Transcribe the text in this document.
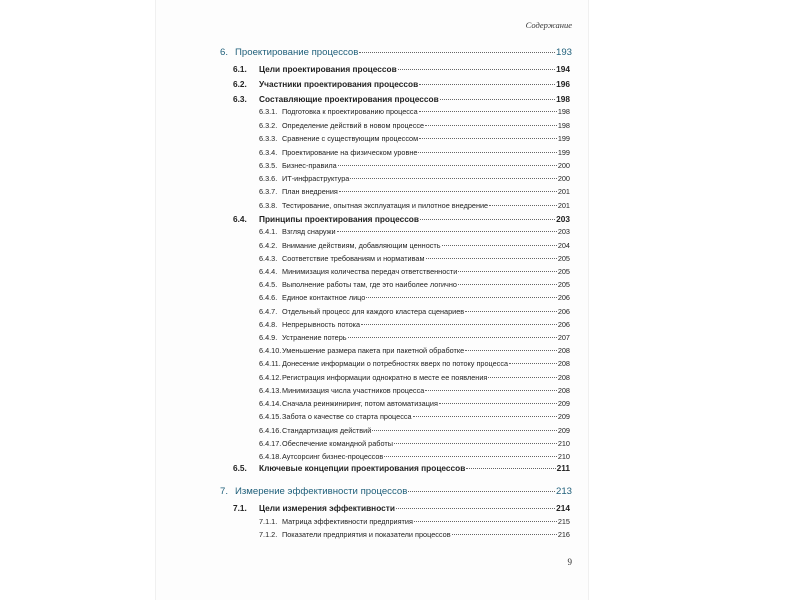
Содержание
6. Проектирование процессов	193
6.1.	Цели проектирования процессов	194
6.2.	Участники проектирования процессов	196
6.3.	Составляющие проектирования процессов	198
6.3.1. Подготовка к проектированию процесса	198
6.3.2. Определение действий в новом процессе	198
6.3.3. Сравнение с существующим процессом	199
6.3.4. Проектирование на физическом уровне	199
6.3.5. Бизнес-правила	200
6.3.6. ИТ-инфраструктура	200
6.3.7. План внедрения	201
6.3.8. Тестирование, опытная эксплуатация и пилотное внедрение	201
6.4.	Принципы проектирования процессов	203
6.4.1. Взгляд снаружи	203
6.4.2. Внимание действиям, добавляющим ценность	204
6.4.3. Соответствие требованиям и нормативам	205
6.4.4. Минимизация количества передач ответственности	205
6.4.5. Выполнение работы там, где это наиболее логично	205
6.4.6. Единое контактное лицо	206
6.4.7. Отдельный процесс для каждого кластера сценариев	206
6.4.8. Непрерывность потока	206
6.4.9. Устранение потерь	207
6.4.10. Уменьшение размера пакета при пакетной обработке	208
6.4.11. Донесение информации о потребностях вверх по потоку процесса	208
6.4.12. Регистрация информации однократно в месте ее появления	208
6.4.13. Минимизация числа участников процесса	208
6.4.14. Сначала реинжиниринг, потом автоматизация	209
6.4.15. Забота о качестве со старта процесса	209
6.4.16. Стандартизация действий	209
6.4.17. Обеспечение командной работы	210
6.4.18. Аутсорсинг бизнес-процессов	210
6.5.	Ключевые концепции проектирования процессов	211
7. Измерение эффективности процессов	213
7.1.	Цели измерения эффективности	214
7.1.1. Матрица эффективности предприятия	215
7.1.2. Показатели предприятия и показатели процессов	216
9
